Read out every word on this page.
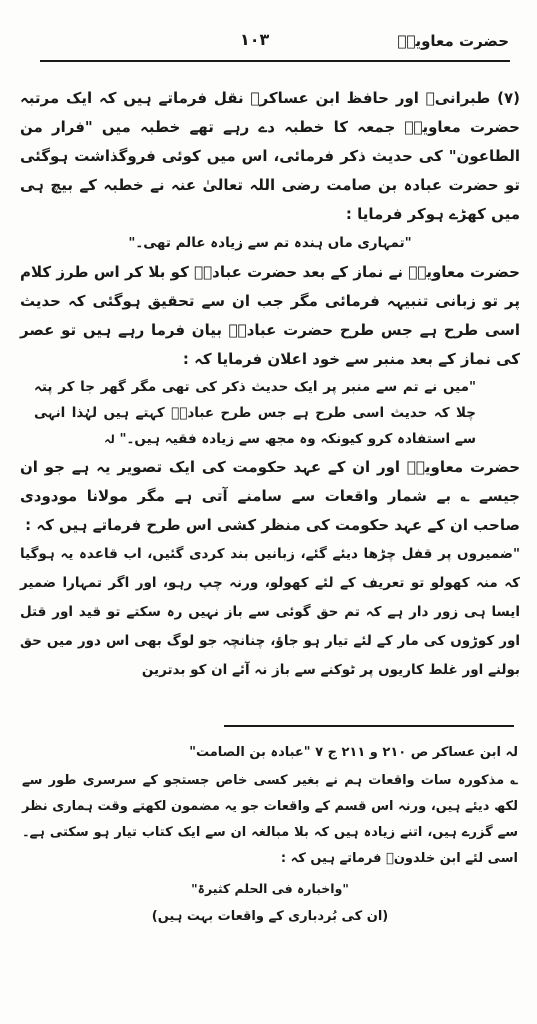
حضرت معاویہؓ
۱۰۳

(۷) طبرانیؒ اور حافظ ابن عساکرؒ نقل فرماتے ہیں کہ ایک مرتبہ حضرت معاویہؓ جمعہ کا خطبہ دے رہے تھے خطبہ میں "فرار من الطاعون" کی حدیث ذکر فرمائی، اس میں کوئی فروگذاشت ہوگئی تو حضرت عبادہ بن صامت رضی اللہ تعالیٰ عنہ نے خطبہ کے بیچ ہی میں کھڑے ہوکر فرمایا :

"تمہاری ماں ہندہ تم سے زیادہ عالم تھی۔"

حضرت معاویہؓ نے نماز کے بعد حضرت عبادہؓ کو بلا کر اس طرز کلام پر تو زبانی تنبیہہ فرمائی مگر جب ان سے تحقیق ہوگئی کہ حدیث اسی طرح ہے جس طرح حضرت عبادہؓ بیان فرما رہے ہیں تو عصر کی نماز کے بعد منبر سے خود اعلان فرمایا کہ :

"میں نے تم سے منبر پر ایک حدیث ذکر کی تھی مگر گھر جا کر پتہ چلا کہ حدیث اسی طرح ہے جس طرح عبادہؓ کہتے ہیں لہٰذا انہی سے استفادہ کرو کیونکہ وہ مجھ سے زیادہ فقیہ ہیں۔" لہ

حضرت معاویہؓ اور ان کے عہد حکومت کی ایک تصویر یہ ہے جو ان جیسے ؎ بے شمار واقعات سے سامنے آتی ہے مگر مولانا مودودی صاحب ان کے عہد حکومت کی منظر کشی اس طرح فرماتے ہیں کہ :

"ضمیروں پر قفل چڑھا دیئے گئے، زبانیں بند کردی گئیں، اب قاعدہ یہ ہوگیا کہ منہ کھولو تو تعریف کے لئے کھولو، ورنہ چپ رہو، اور اگر تمہارا ضمیر ایسا ہی زور دار ہے کہ تم حق گوئی سے باز نہیں رہ سکتے تو قید اور قتل اور کوڑوں کی مار کے لئے تیار ہو جاؤ، چنانچہ جو لوگ بھی اس دور میں حق بولنے اور غلط کاریوں پر ٹوکنے سے باز نہ آئے ان کو بدترین

لہ ابن عساکر ص ۲۱۰ و ۲۱۱ ج ۷ "عبادہ بن الصامت"

؎ مذکورہ سات واقعات ہم نے بغیر کسی خاص جستجو کے سرسری طور سے لکھ دیئے ہیں، ورنہ اس قسم کے واقعات جو یہ مضمون لکھتے وقت ہماری نظر سے گزرے ہیں، اتنے زیادہ ہیں کہ بلا مبالغہ ان سے ایک کتاب تیار ہو سکتی ہے۔ اسی لئے ابن خلدونؒ فرماتے ہیں کہ :

"واخبارہ فی الحلم کثیرۃ"

(ان کی بُردباری کے واقعات بہت ہیں)
